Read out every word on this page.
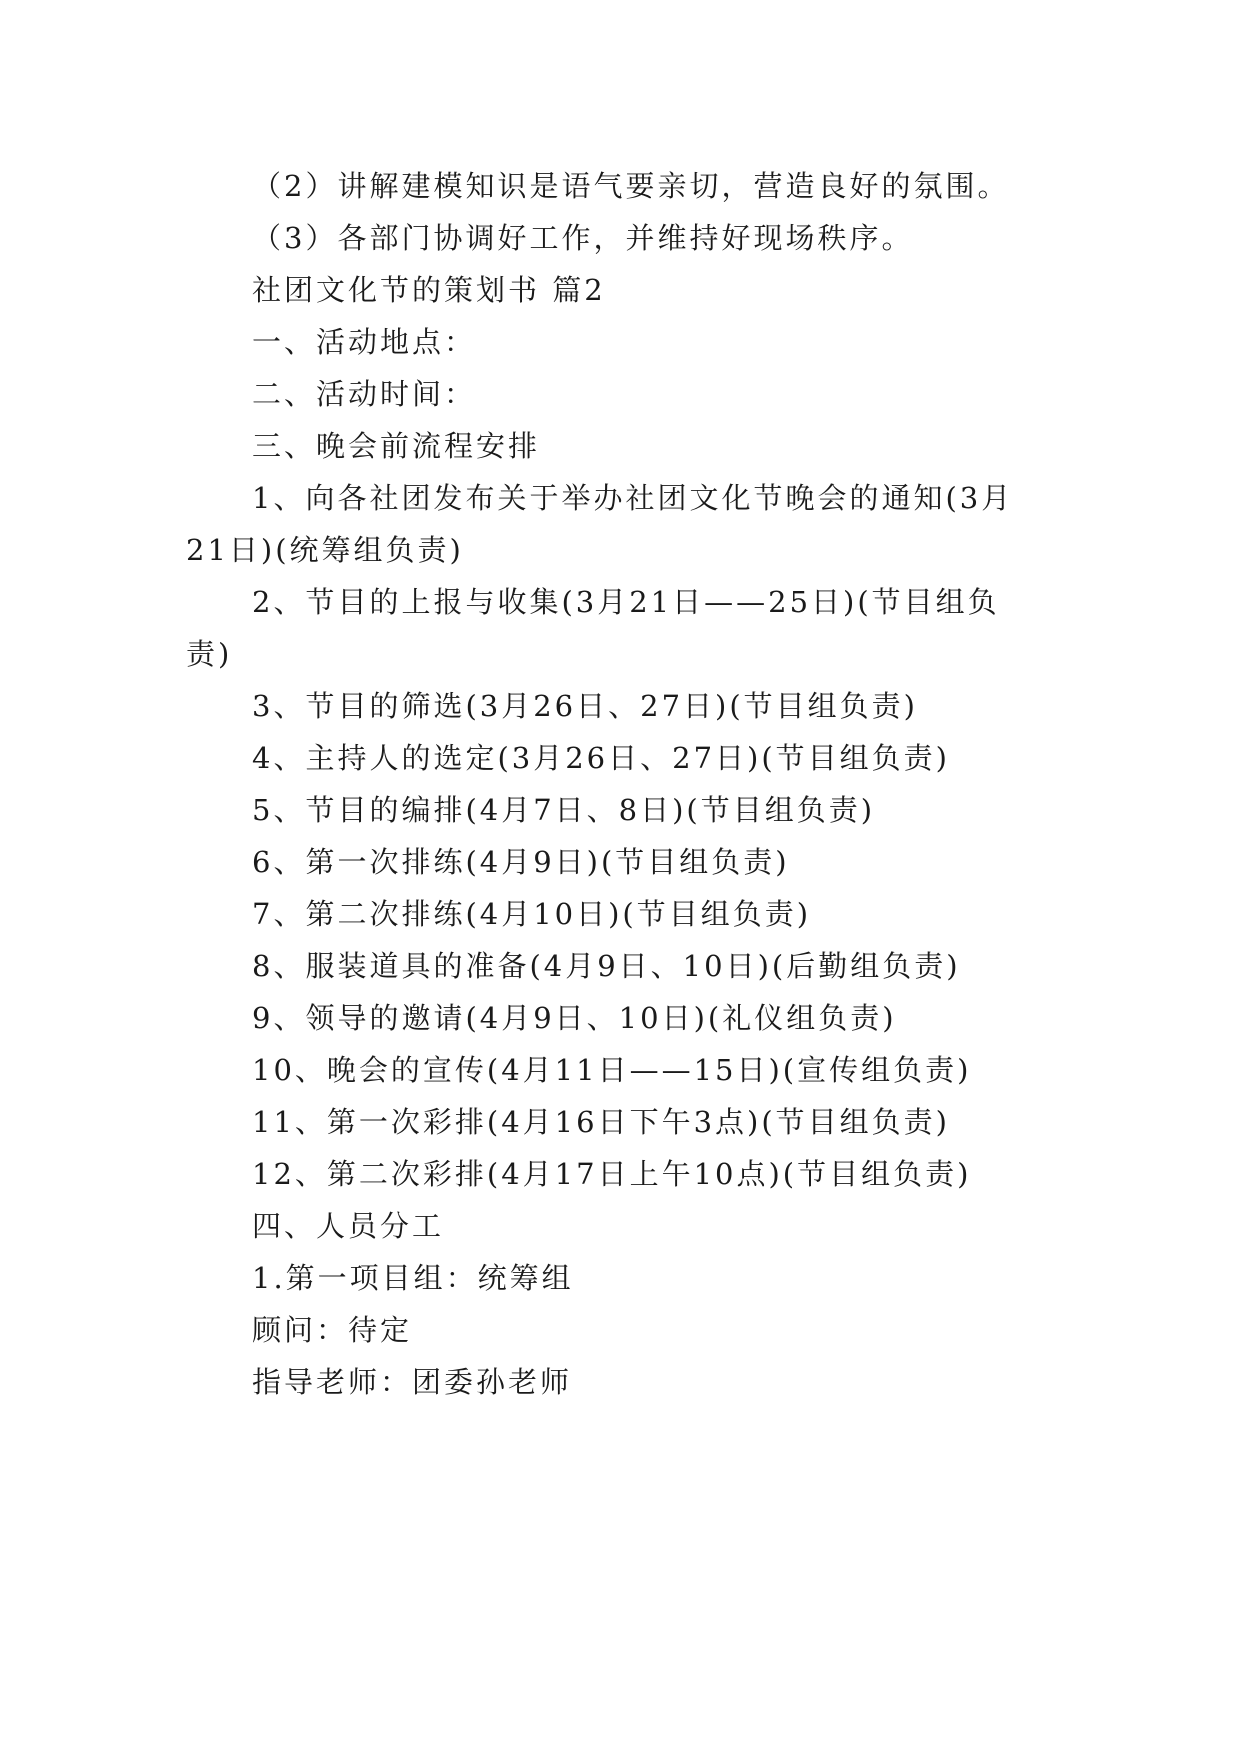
（2）讲解建模知识是语气要亲切，营造良好的氛围。
（3）各部门协调好工作，并维持好现场秩序。
社团文化节的策划书 篇2
一、活动地点：
二、活动时间：
三、晚会前流程安排
1、向各社团发布关于举办社团文化节晚会的通知(3月
21日)(统筹组负责)
2、节目的上报与收集(3月21日——25日)(节目组负
责)
3、节目的筛选(3月26日、27日)(节目组负责)
4、主持人的选定(3月26日、27日)(节目组负责)
5、节目的编排(4月7日、8日)(节目组负责)
6、第一次排练(4月9日)(节目组负责)
7、第二次排练(4月10日)(节目组负责)
8、服装道具的准备(4月9日、10日)(后勤组负责)
9、领导的邀请(4月9日、10日)(礼仪组负责)
10、晚会的宣传(4月11日——15日)(宣传组负责)
11、第一次彩排(4月16日下午3点)(节目组负责)
12、第二次彩排(4月17日上午10点)(节目组负责)
四、人员分工
1.第一项目组：统筹组
顾问：待定
指导老师：团委孙老师
